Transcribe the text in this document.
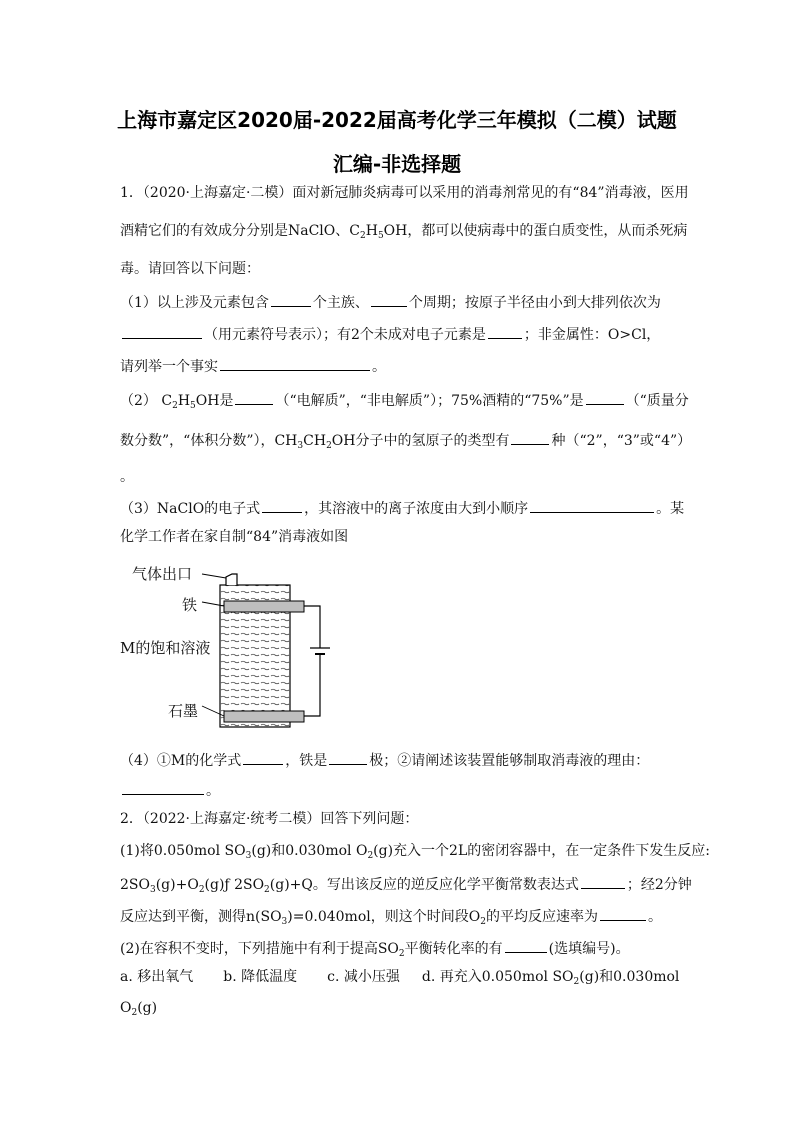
上海市嘉定区2020届-2022届高考化学三年模拟（二模）试题
汇编-非选择题
1．（2020·上海嘉定·二模）面对新冠肺炎病毒可以采用的消毒剂常见的有“84”消毒液，医用
酒精它们的有效成分分别是NaClO、$C_2H_5OH$，都可以使病毒中的蛋白质变性，从而杀死病
毒。请回答以下问题：
（1）以上涉及元素包含	个主族、	个周期；按原子半径由小到大排列依次为
（用元素符号表示）；有2个未成对电子元素是	；非金属性：O>Cl，
请列举一个事实	。
（2） $C_2H_5OH$是	（“电解质”，“非电解质”）；75%酒精的“75%”是	（“质量分
数分数”，“体积分数”），$CH_3CH_2OH$分子中的氢原子的类型有	种（“2”，“3”或“4”）
。
（3）NaClO的电子式	，其溶液中的离子浓度由大到小顺序	。某
化学工作者在家自制“84”消毒液如图
气体出口
铁
M的饱和溶液
石墨
（4）①M的化学式	，铁是	极；②请阐述该装置能够制取消毒液的理由：
。
2．（2022·上海嘉定·统考二模）回答下列问题：
(1)将0.050mol $SO_3(g)$和0.030mol $O_2(g)$充入一个2L的密闭容器中，在一定条件下发生反应:
$2SO_3(g)+O_2(g)ƒ$ $2SO_2(g)+Q$。写出该反应的逆反应化学平衡常数表达式	；经2分钟
反应达到平衡，测得$n(SO_3)=0.040mol$，则这个时间段$O_2$的平均反应速率为	。
(2)在容积不变时，下列措施中有利于提高$SO_2$平衡转化率的有	(选填编号)。
a. 移出氧气 b. 降低温度 c. 减小压强 d. 再充入0.050mol $SO_2(g)$和0.030mol
$O_2(g)$
